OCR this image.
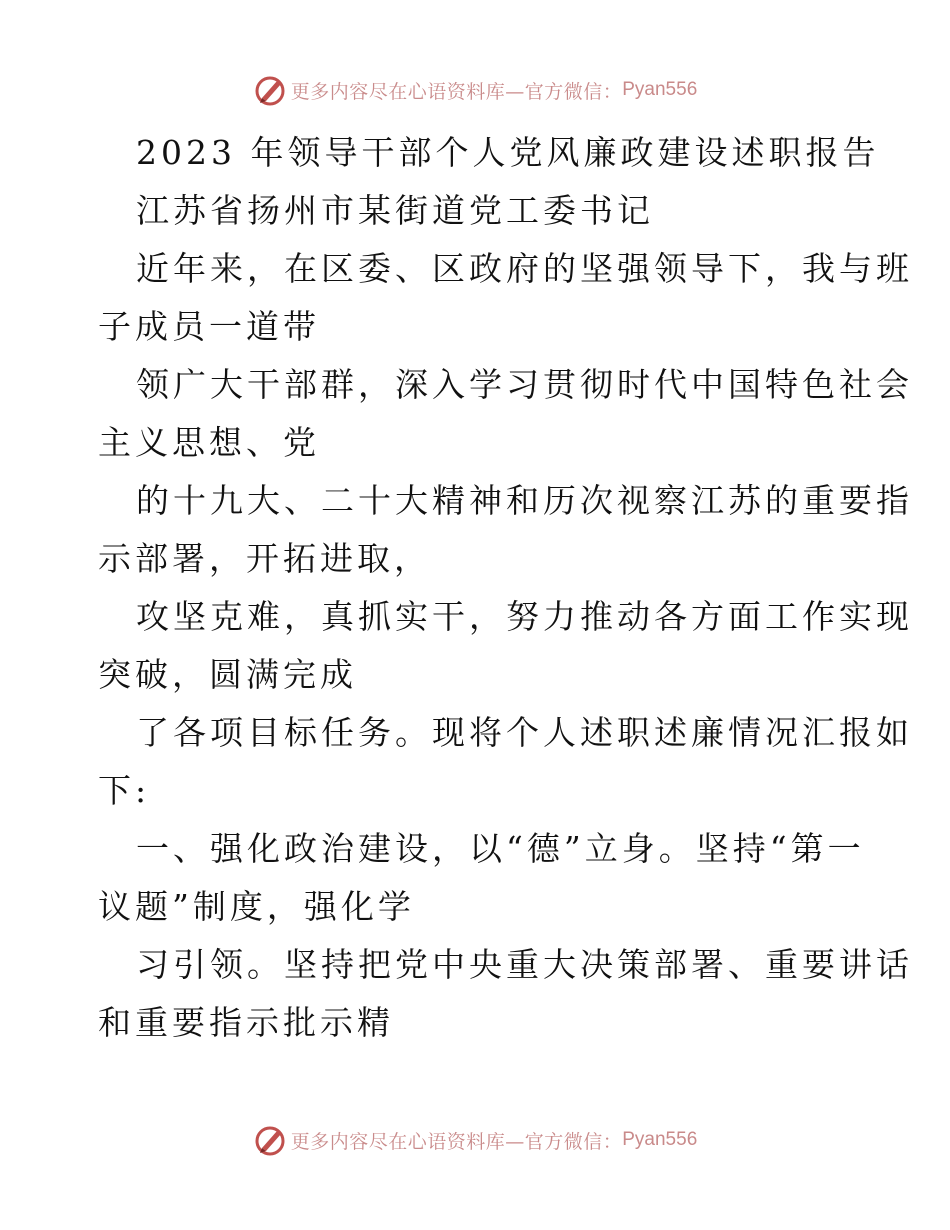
更多内容尽在心语资料库—官方微信： Pyan556
2023 年领导干部个人党风廉政建设述职报告
江苏省扬州市某街道党工委书记
近年来，在区委、区政府的坚强领导下，我与班
子成员一道带
领广大干部群，深入学习贯彻时代中国特色社会
主义思想、党
的十九大、二十大精神和历次视察江苏的重要指
示部署，开拓进取，
攻坚克难，真抓实干，努力推动各方面工作实现
突破，圆满完成
了各项目标任务。现将个人述职述廉情况汇报如
下:
一、强化政治建设，以“德”立身。坚持“第一
议题”制度，强化学
习引领。坚持把党中央重大决策部署、重要讲话
和重要指示批示精
更多内容尽在心语资料库—官方微信： Pyan556
